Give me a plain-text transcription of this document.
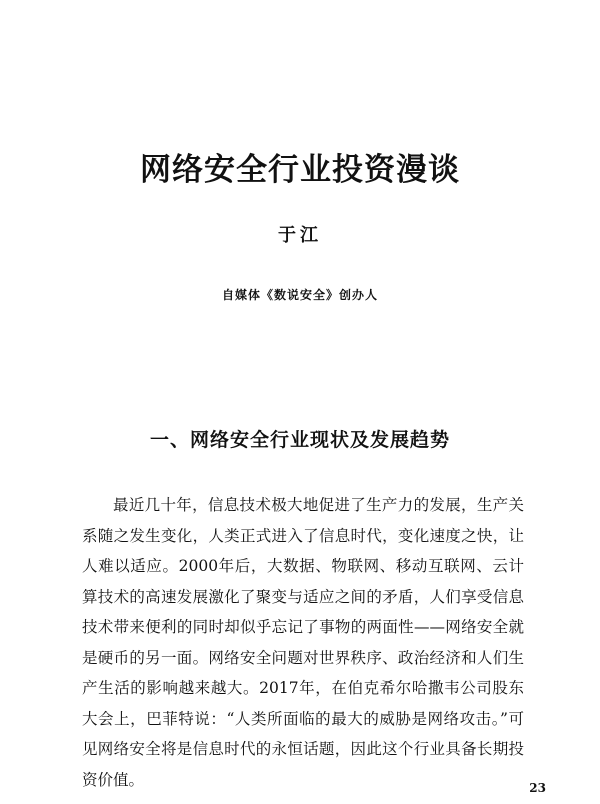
网络安全行业投资漫谈
于江
自媒体《数说安全》创办人
一、网络安全行业现状及发展趋势

最近几十年，信息技术极大地促进了生产力的发展，生产关系随之发生变化，人类正式进入了信息时代，变化速度之快，让人难以适应。2000年后，大数据、物联网、移动互联网、云计算技术的高速发展激化了聚变与适应之间的矛盾，人们享受信息技术带来便利的同时却似乎忘记了事物的两面性——网络安全就是硬币的另一面。网络安全问题对世界秩序、政治经济和人们生产生活的影响越来越大。2017年，在伯克希尔哈撒韦公司股东大会上，巴菲特说：“人类所面临的最大的威胁是网络攻击。”可见网络安全将是信息时代的永恒话题，因此这个行业具备长期投资价值。	23
